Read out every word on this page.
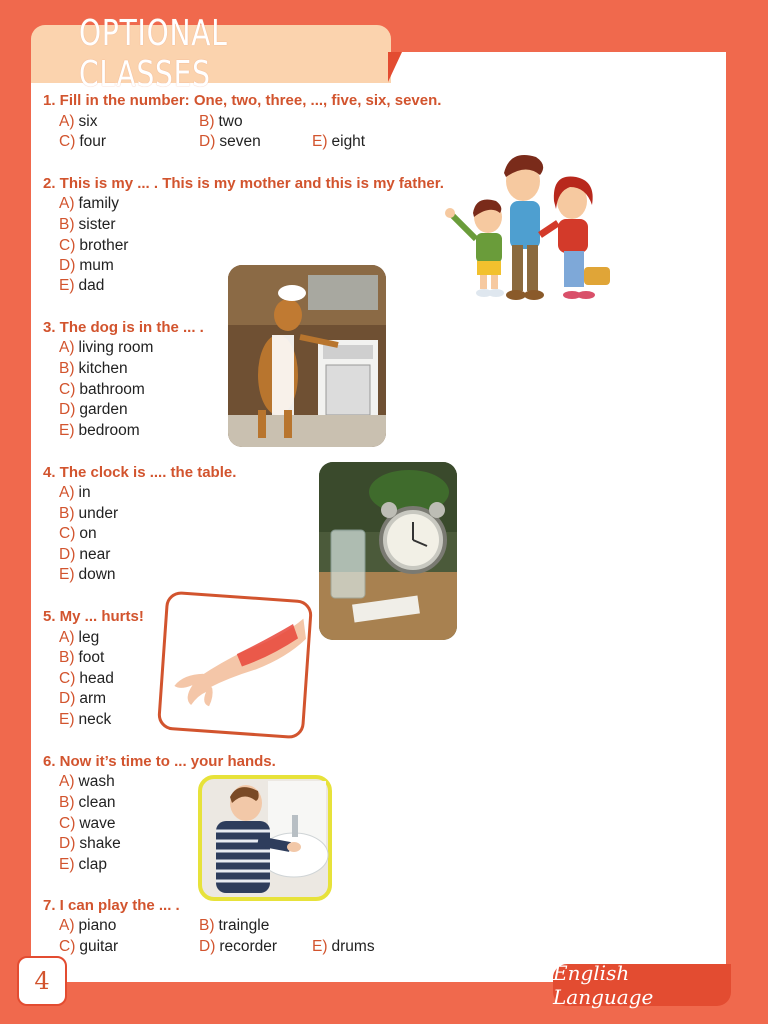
OPTIONAL CLASSES
1. Fill in the number: One, two, three, ..., five, six, seven.
A) six	B) two
C) four	D) seven	E) eight
2. This is my ... . This is my mother and this is my father.
A) family
B) sister
C) brother
D) mum
E) dad
3. The dog is in the ... .
A) living room
B) kitchen
C) bathroom
D) garden
E) bedroom
4. The clock is .... the table.
A) in
B) under
C) on
D) near
E) down
5. My ... hurts!
A) leg
B) foot
C) head
D) arm
E) neck
6. Now it’s time to ... your hands.
A) wash
B) clean
C) wave
D) shake
E) clap
7. I can play the ... .
A) piano	B) traingle
C) guitar	D) recorder E) drums
4	English Language
